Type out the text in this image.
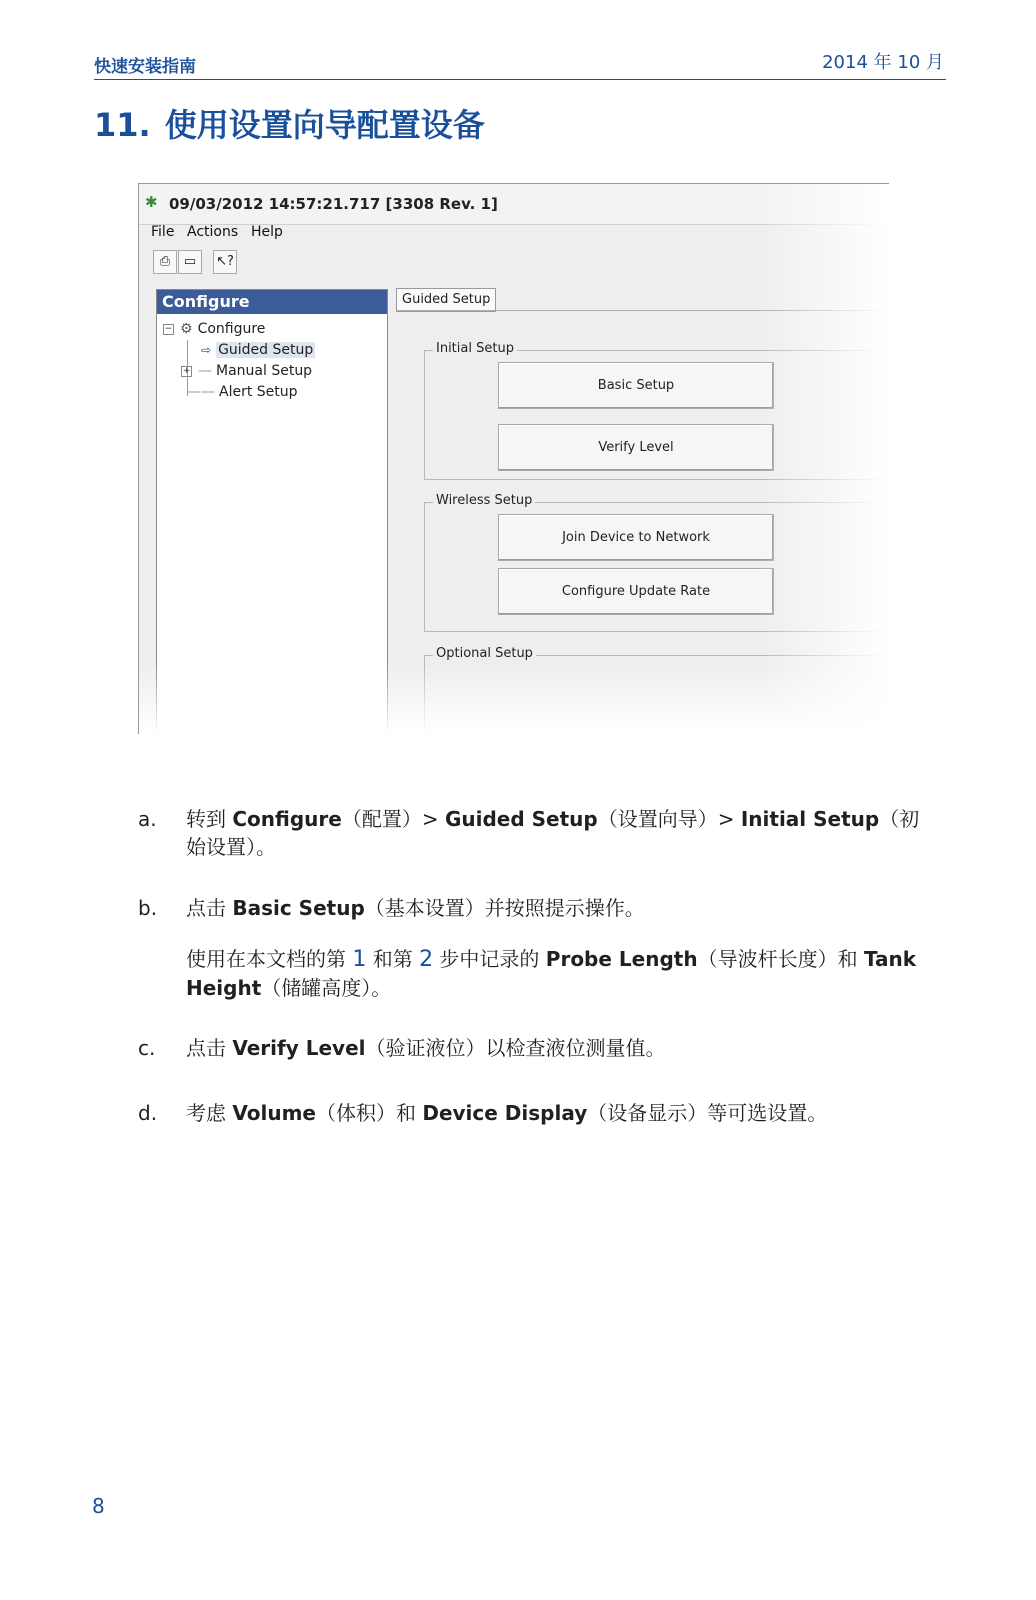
快速安装指南	2014 年 10 月
11. 使用设置向导配置设备
✱ 09/03/2012 14:57:21.717 [3308 Rev. 1]
File Actions Help
⎙	▭	↖?
Configure
− ⚙ Configure
⇨ Guided Setup
+ — Manual Setup
—— Alert Setup
Guided Setup
Initial Setup
Basic Setup
Verify Level
Wireless Setup
Join Device to Network
Configure Update Rate
Optional Setup
a.	转到 Configure（配置）> Guided Setup（设置向导）> Initial Setup（初始设置）。
b.	点击 Basic Setup（基本设置）并按照提示操作。
使用在本文档的第 1 和第 2 步中记录的 Probe Length（导波杆长度）和 Tank Height（储罐高度）。
c.	点击 Verify Level（验证液位）以检查液位测量值。
d.	考虑 Volume（体积）和 Device Display（设备显示）等可选设置。
8
